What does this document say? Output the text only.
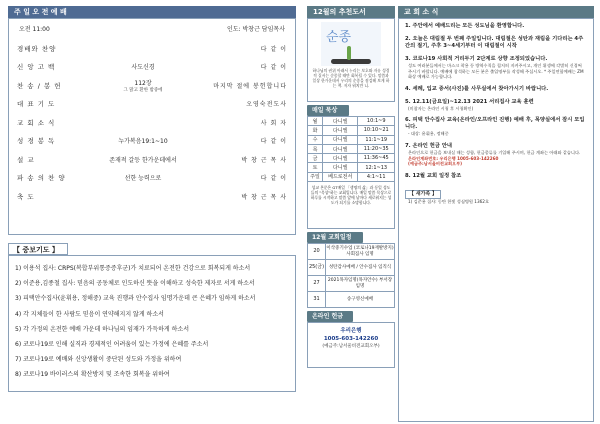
주 일 오 전 예 배
오전 11:00	인도: 박창근 담임목사
경배와 찬양	다 같 이
신 앙 고 백	사도신경	다 같 이
찬 송 / 봉 헌	112장
그 맑고 환한 밤중에
마지막 절에 봉헌합니다
대 표 기 도	오영숙전도사
교 회 소 식	사 회 자
성 경 봉 독	누가복음19:1~10	다 같 이
설 교	존재적 갈등 한가운데에서	박 창 근 목 사
파 송 의 찬 양	선한 능력으로	다 같 이
축 도	박 창 근 목 사
【 중보기도 】
1) 이용석 집사: CRPS(복합부위통증증후군)가 치료되어 온전한 건강으로 회복되게 하소서
2) 이준용,김종철 집사: 믿음의 공동체로 인도하신 뜻을 이해하고 성숙한 제자로 서게 하소서
3) 피택안수집사(윤휘용, 정해중) 교육 진행과 안수집사 임명가운데 큰 은혜가 임하게 하소서
4) 각 지체들이 한 사람도 믿음이 연약해지지 않게 하소서
5) 각 가정의 온전한 예배 가운데 하나님의 임재가 가득하게 하소서
6) 코로나19로 인해 실직과 경제적인 어려움이 있는 가정에 은혜를 주소서
7) 코로나19로 예배와 신앙생활이 중단된 성도와 가정을 위하여
8) 코로나19 바이러스의 확산방지 및 조속한 회복을 위하여
12월의 추천도서
순종
하나님의 권위 아래서 누리는 보호와 자유 성경적 질서는 순종할 때만 회복될 수 있다. 말씀과 일상 한가운데서 우리의 순종을 점검해 보게 하는 책. 저자 워치만 니.
매일 묵상
월	다니엘	10:1~9
화	다니엘	10:10~21
수	다니엘	11:1~19
목	다니엘	11:20~35
금	다니엘	11:36~45
토	다니엘	12:1~13
주일	베드로전서	4:1~11
성교 본문은 GT매일 「생명의 삶」과 동일 성도들의 "묵상"하는 교회입니다. 매일 말씀 묵상으로 하루를 시작하고 말씀 앞에 날마다 새로워지는 성도가 되기를 소망합니다.
12월 교회일정
20	이삭중기수업 (코로나19재발방지) 사회집사 임명
25(금)	성탄감사예배 / 안수집사 임직식
27	2021목자임명(목자안수) 부서장 임명
31	송구영신예배
온라인 헌금
우리은행
1005-603-142260
(예금주:남서울비전교회오부)
교 회 소 식
1. 주안에서 예배드리는 모든 성도님을 환영합니다.
2. 오늘은 대림절 두 번째 주일입니다. 대림절은 성탄과 재림을 기다리는 4주간의 절기, 주후 3~4세기부터 이 대림절이 시작
3. 코로나19 사회적 거리두기 2단계로 상향 조정되었습니다.
성도 여러분들께서는 마스크 착용 등 방역수칙을 철저히 지켜주시고, 개인 위생에 각별히 신경써 주시기 바랍니다. 예배에 참석하는 모든 분은 출입명부를 작성해 주십시오. * 주일연합예배는 ZM 화상 예배로 가능합니다.
4. 세례, 입교 증서(사진)를 사무실에서 찾아가시기 바랍니다.
5. 12.11(금요일)~12.13 2021 서리집사 교육 훈련
(미참자는 온라인 시청 후 시청확인)
6. 피택 안수집사 교육(온라인/오프라인 진행) 예배 후, 목양실에서 잠시 모입니다.
- 대상: 윤휘용, 정해중
7. 온라인 헌금 안내
온라인으로 헌금을 보내실 때는 성함, 헌금종류를 기입해 주시며, 헌금 계좌는 아래와 같습니다.
온라인계좌번호: 우리은행 1005-603-142260
(예금주:남서울비전교회오부)
8. 12월 교회 일정 참조
【 새가족 】
1) 김준용 집사: 동탄 한빛 성심병원 1362호
